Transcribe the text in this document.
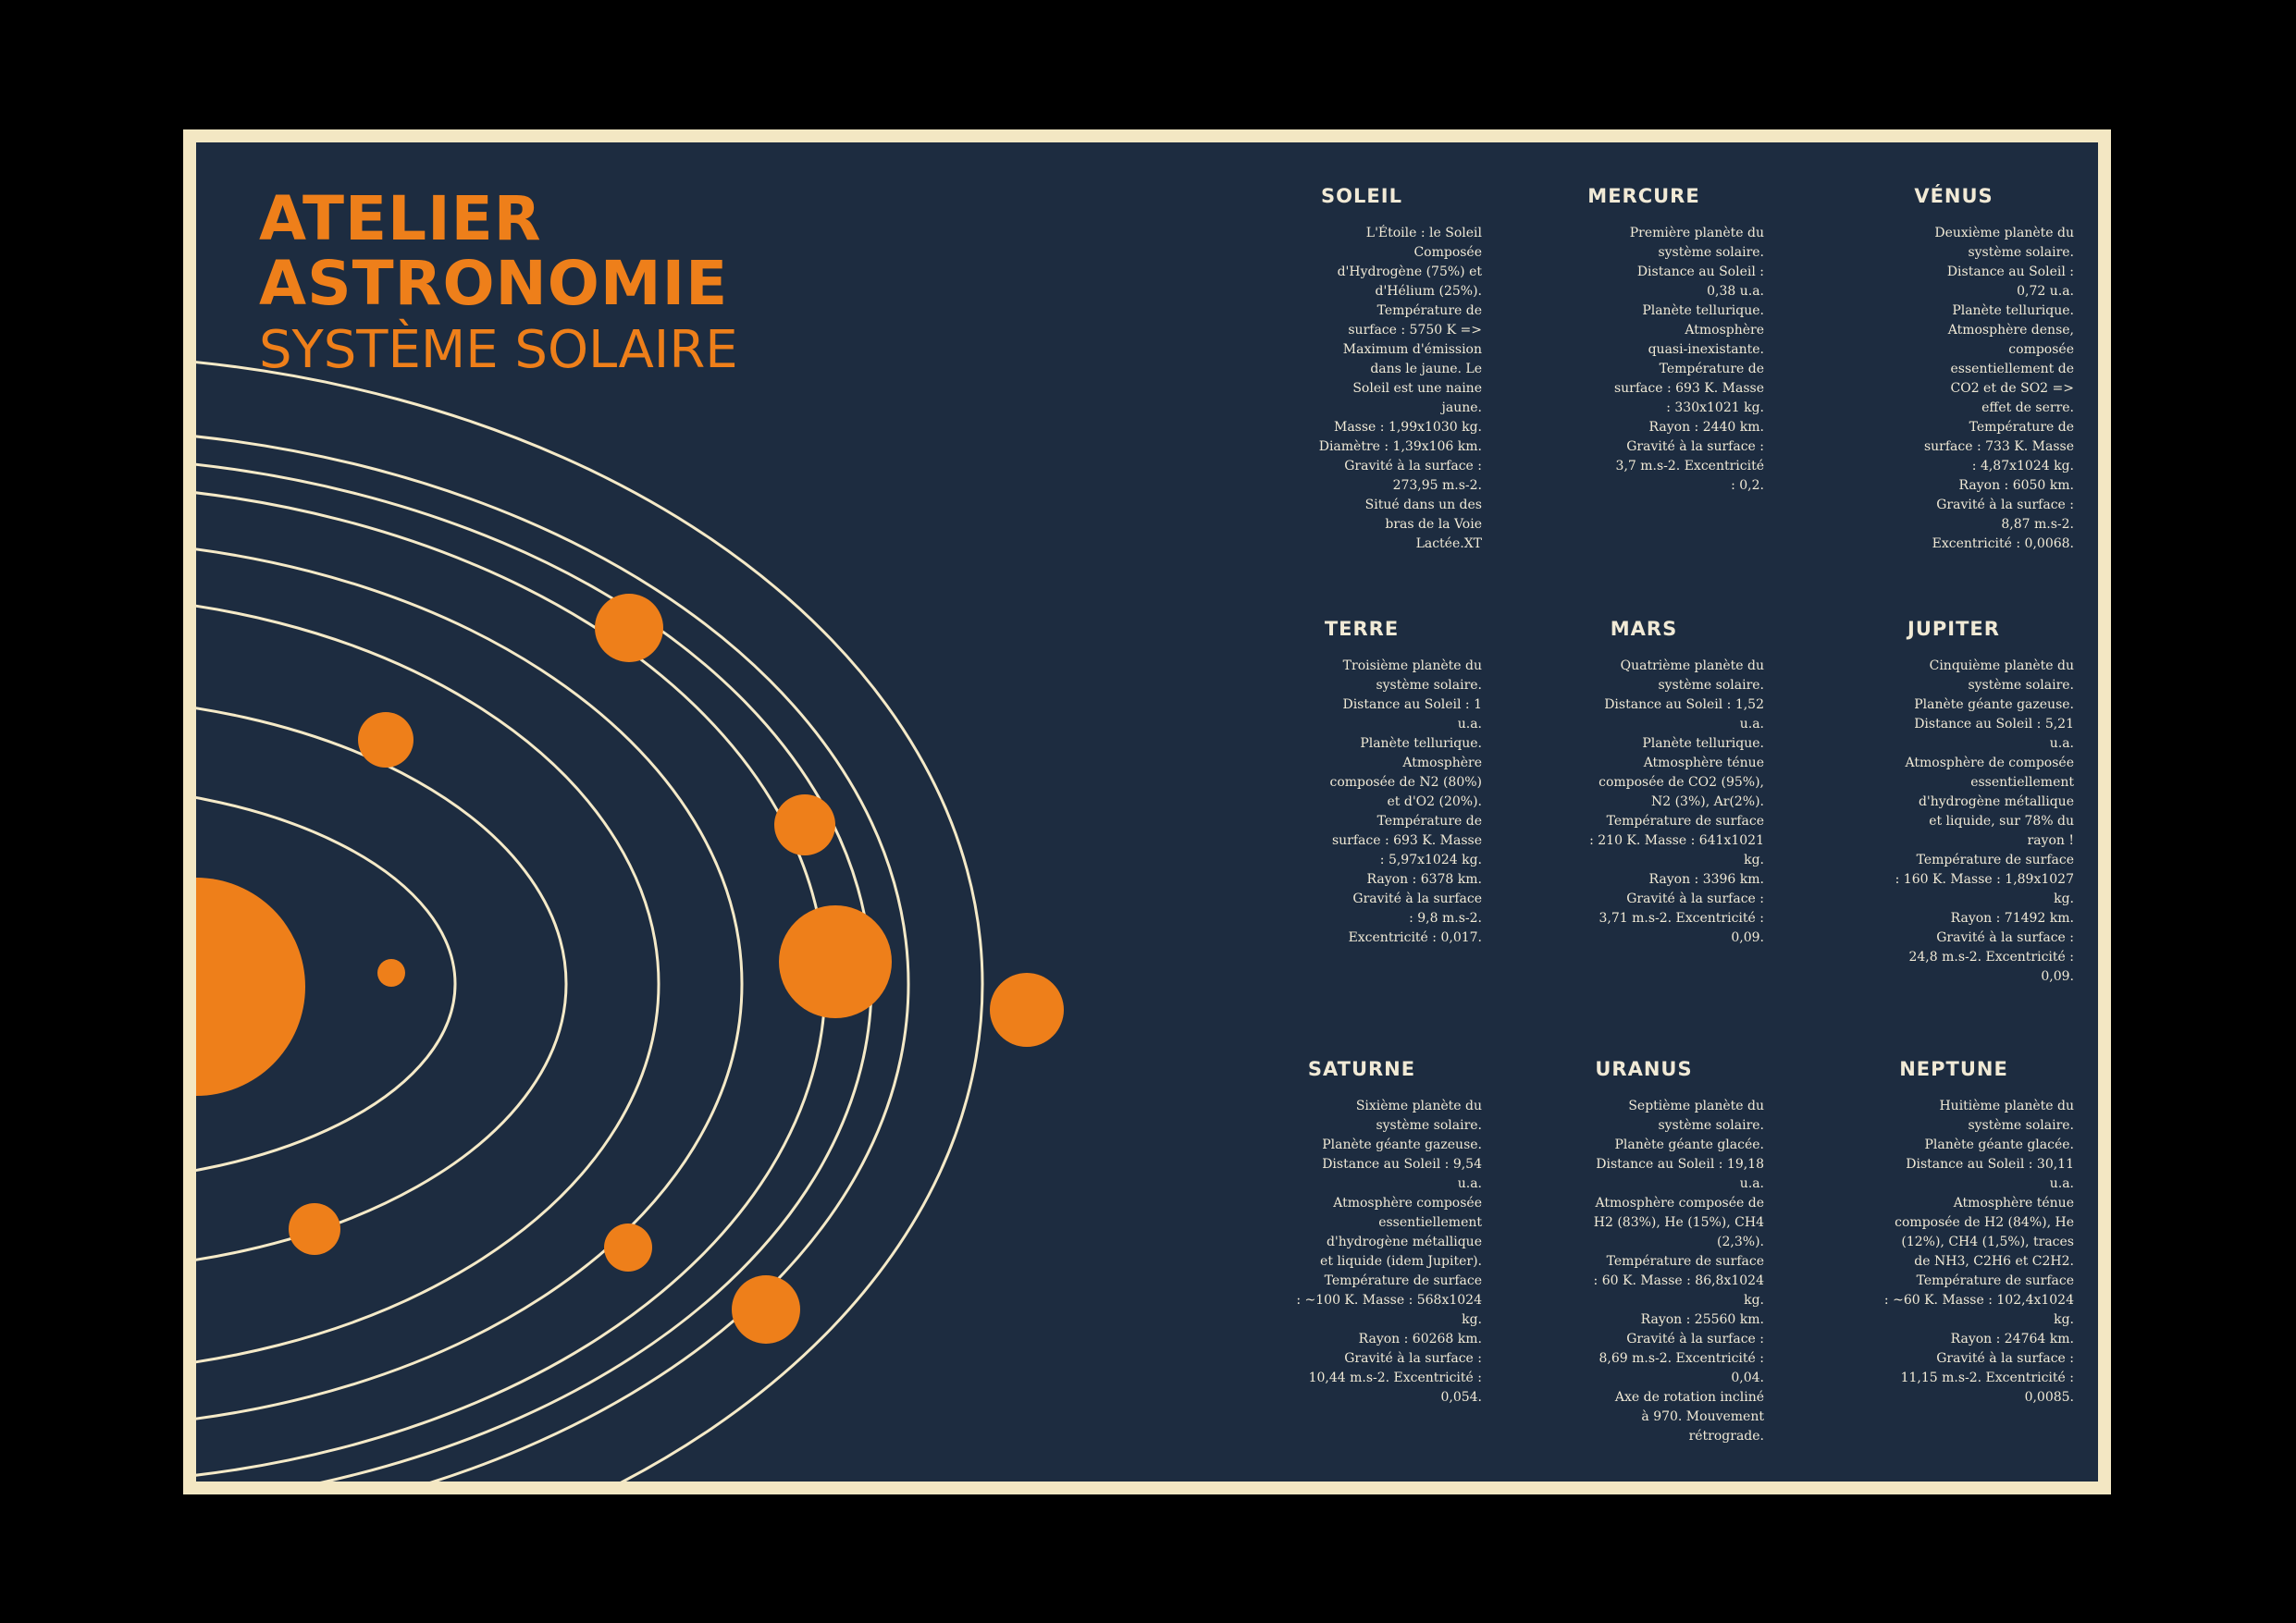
ATELIER
ASTRONOMIE
SYSTÈME SOLAIRE
SOLEIL
L'Étoile : le Soleil
Composée
d'Hydrogène (75%) et
d'Hélium (25%).
Température de
surface : 5750 K =>
Maximum d'émission
dans le jaune. Le
Soleil est une naine
jaune.
Masse : 1,99x1030 kg.
Diamètre : 1,39x106 km.
Gravité à la surface :
273,95 m.s-2.
Situé dans un des
bras de la Voie
Lactée.XT
MERCURE
Première planète du
système solaire.
Distance au Soleil :
0,38 u.a.
Planète tellurique.
Atmosphère
quasi-inexistante.
Température de
surface : 693 K. Masse
: 330x1021 kg.
Rayon : 2440 km.
Gravité à la surface :
3,7 m.s-2. Excentricité
: 0,2.
VÉNUS
Deuxième planète du
système solaire.
Distance au Soleil :
0,72 u.a.
Planète tellurique.
Atmosphère dense,
composée
essentiellement de
CO2 et de SO2 =>
effet de serre.
Température de
surface : 733 K. Masse
: 4,87x1024 kg.
Rayon : 6050 km.
Gravité à la surface :
8,87 m.s-2.
Excentricité : 0,0068.
TERRE
Troisième planète du
système solaire.
Distance au Soleil : 1
u.a.
Planète tellurique.
Atmosphère
composée de N2 (80%)
et d'O2 (20%).
Température de
surface : 693 K. Masse
: 5,97x1024 kg.
Rayon : 6378 km.
Gravité à la surface
: 9,8 m.s-2.
Excentricité : 0,017.
MARS
Quatrième planète du
système solaire.
Distance au Soleil : 1,52
u.a.
Planète tellurique.
Atmosphère ténue
composée de CO2 (95%),
N2 (3%), Ar(2%).
Température de surface
: 210 K. Masse : 641x1021
kg.
Rayon : 3396 km.
Gravité à la surface :
3,71 m.s-2. Excentricité :
0,09.
JUPITER
Cinquième planète du
système solaire.
Planète géante gazeuse.
Distance au Soleil : 5,21
u.a.
Atmosphère de composée
essentiellement
d'hydrogène métallique
et liquide, sur 78% du
rayon !
Température de surface
: 160 K. Masse : 1,89x1027
kg.
Rayon : 71492 km.
Gravité à la surface :
24,8 m.s-2. Excentricité :
0,09.
SATURNE
Sixième planète du
système solaire.
Planète géante gazeuse.
Distance au Soleil : 9,54
u.a.
Atmosphère composée
essentiellement
d'hydrogène métallique
et liquide (idem Jupiter).
Température de surface
: ~100 K. Masse : 568x1024
kg.
Rayon : 60268 km.
Gravité à la surface :
10,44 m.s-2. Excentricité :
0,054.
URANUS
Septième planète du
système solaire.
Planète géante glacée.
Distance au Soleil : 19,18
u.a.
Atmosphère composée de
H2 (83%), He (15%), CH4
(2,3%).
Température de surface
: 60 K. Masse : 86,8x1024
kg.
Rayon : 25560 km.
Gravité à la surface :
8,69 m.s-2. Excentricité :
0,04.
Axe de rotation incliné
à 970. Mouvement
rétrograde.
NEPTUNE
Huitième planète du
système solaire.
Planète géante glacée.
Distance au Soleil : 30,11
u.a.
Atmosphère ténue
composée de H2 (84%), He
(12%), CH4 (1,5%), traces
de NH3, C2H6 et C2H2.
Température de surface
: ~60 K. Masse : 102,4x1024
kg.
Rayon : 24764 km.
Gravité à la surface :
11,15 m.s-2. Excentricité :
0,0085.
